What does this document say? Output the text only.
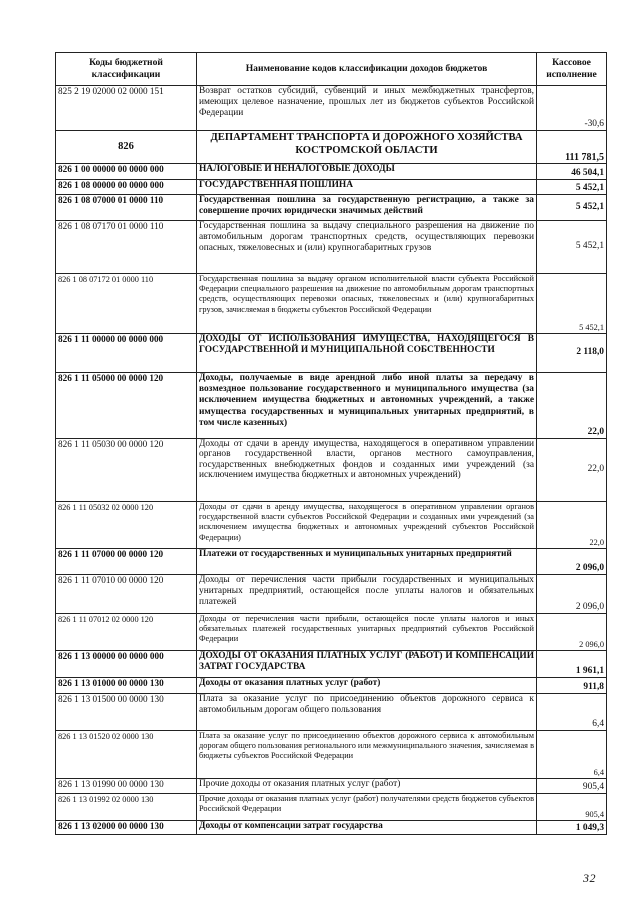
Коды бюджетной классификации	Наименование кодов классификации доходов бюджетов	Кассовое исполнение
825 2 19 02000 02 0000 151	Возврат остатков субсидий, субвенций и иных межбюджетных трансфертов, имеющих целевое назначение, прошлых лет из бюджетов субъектов Российской Федерации	-30,6
826	ДЕПАРТАМЕНТ ТРАНСПОРТА И ДОРОЖНОГО ХОЗЯЙСТВА КОСТРОМСКОЙ ОБЛАСТИ	111 781,5
826 1 00 00000 00 0000 000	НАЛОГОВЫЕ И НЕНАЛОГОВЫЕ ДОХОДЫ	46 504,1
826 1 08 00000 00 0000 000	ГОСУДАРСТВЕННАЯ ПОШЛИНА	5 452,1
826 1 08 07000 01 0000 110	Государственная пошлина за государственную регистрацию, а также за совершение прочих юридически значимых действий	5 452,1
826 1 08 07170 01 0000 110	Государственная пошлина за выдачу специального разрешения на движение по автомобильным дорогам транспортных средств, осуществляющих перевозки опасных, тяжеловесных и (или) крупногабаритных грузов	5 452,1
826 1 08 07172 01 0000 110	Государственная пошлина за выдачу органом исполнительной власти субъекта Российской Федерации специального разрешения на движение по автомобильным дорогам транспортных средств, осуществляющих перевозки опасных, тяжеловесных и (или) крупногабаритных грузов, зачисляемая в бюджеты субъектов Российской Федерации	5 452,1
826 1 11 00000 00 0000 000	ДОХОДЫ ОТ ИСПОЛЬЗОВАНИЯ ИМУЩЕСТВА, НАХОДЯЩЕГОСЯ В ГОСУДАРСТВЕННОЙ И МУНИЦИПАЛЬНОЙ СОБСТВЕННОСТИ	2 118,0
826 1 11 05000 00 0000 120	Доходы, получаемые в виде арендной либо иной платы за передачу в возмездное пользование государственного и муниципального имущества (за исключением имущества бюджетных и автономных учреждений, а также имущества государственных и муниципальных унитарных предприятий, в том числе казенных)	22,0
826 1 11 05030 00 0000 120	Доходы от сдачи в аренду имущества, находящегося в оперативном управлении органов государственной власти, органов местного самоуправления, государственных внебюджетных фондов и созданных ими учреждений (за исключением имущества бюджетных и автономных учреждений)	22,0
826 1 11 05032 02 0000 120	Доходы от сдачи в аренду имущества, находящегося в оперативном управлении органов государственной власти субъектов Российской Федерации и созданных ими учреждений (за исключением имущества бюджетных и автономных учреждений субъектов Российской Федерации)	22,0
826 1 11 07000 00 0000 120	Платежи от государственных и муниципальных унитарных предприятий	2 096,0
826 1 11 07010 00 0000 120	Доходы от перечисления части прибыли государственных и муниципальных унитарных предприятий, остающейся после уплаты налогов и обязательных платежей	2 096,0
826 1 11 07012 02 0000 120	Доходы от перечисления части прибыли, остающейся после уплаты налогов и иных обязательных платежей государственных унитарных предприятий субъектов Российской Федерации	2 096,0
826 1 13 00000 00 0000 000	ДОХОДЫ ОТ ОКАЗАНИЯ ПЛАТНЫХ УСЛУГ (РАБОТ) И КОМПЕНСАЦИИ ЗАТРАТ ГОСУДАРСТВА	1 961,1
826 1 13 01000 00 0000 130	Доходы от оказания платных услуг (работ)	911,8
826 1 13 01500 00 0000 130	Плата за оказание услуг по присоединению объектов дорожного сервиса к автомобильным дорогам общего пользования	6,4
826 1 13 01520 02 0000 130	Плата за оказание услуг по присоединению объектов дорожного сервиса к автомобильным дорогам общего пользования регионального или межмуниципального значения, зачисляемая в бюджеты субъектов Российской Федерации	6,4
826 1 13 01990 00 0000 130	Прочие доходы от оказания платных услуг (работ)	905,4
826 1 13 01992 02 0000 130	Прочие доходы от оказания платных услуг (работ) получателями средств бюджетов субъектов Российской Федерации	905,4
826 1 13 02000 00 0000 130	Доходы от компенсации затрат государства	1 049,3
32
